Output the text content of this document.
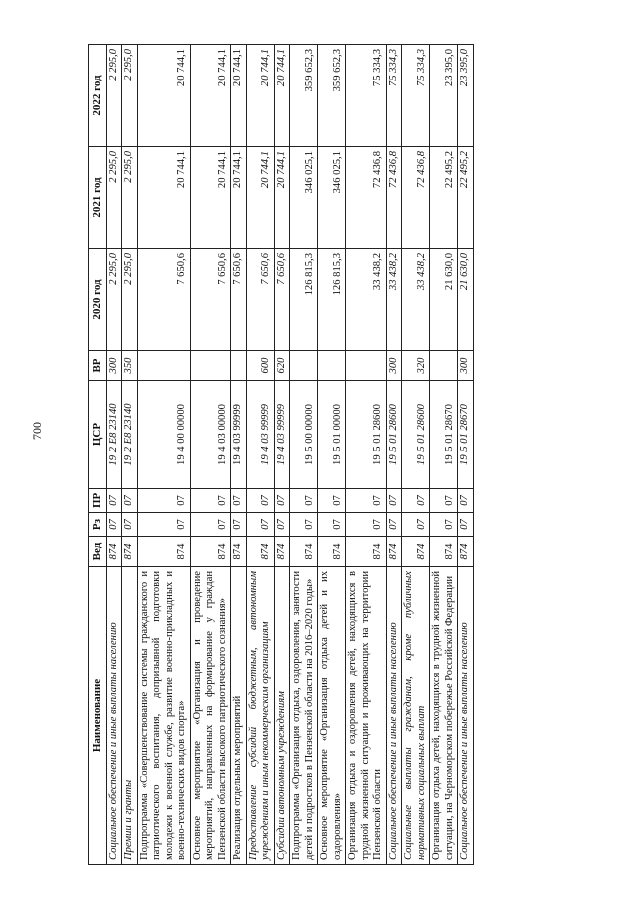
700
Наименование	Вед	Рз	ПР	ЦСР	ВР	2020 год	2021 год	2022 год
Социальное обеспечение и иные выплаты населению	874	07	07	19 2 E8 23140	300	2 295,0	2 295,0	2 295,0
Премии и гранты	874	07	07	19 2 E8 23140	350	2 295,0	2 295,0	2 295,0
Подпрограмма «Совершенствование системы гражданского и патриотического воспитания, допризывной подготовки молодежи к военной службе, развитие военно-прикладных и военно-технических видов спорта»	874	07	07	19 4 00 00000		7 650,6	20 744,1	20 744,1
Основное мероприятие «Организация и проведение мероприятий, направленных на формирование у граждан Пензенской области высокого патриотического сознания»	874	07	07	19 4 03 00000		7 650,6	20 744,1	20 744,1
Реализация отдельных мероприятий	874	07	07	19 4 03 99999		7 650,6	20 744,1	20 744,1
Предоставление субсидий бюджетным, автономным учреждениям и иным некоммерческим организациям	874	07	07	19 4 03 99999	600	7 650,6	20 744,1	20 744,1
Субсидии автономным учреждениям	874	07	07	19 4 03 99999	620	7 650,6	20 744,1	20 744,1
Подпрограмма «Организация отдыха, оздоровления, занятости детей и подростков в Пензенской области на 2016–2020 годы»	874	07	07	19 5 00 00000		126 815,3	346 025,1	359 652,3
Основное мероприятие «Организация отдыха детей и их оздоровления»	874	07	07	19 5 01 00000		126 815,3	346 025,1	359 652,3
Организация отдыха и оздоровления детей, находящихся в трудной жизненной ситуации и проживающих на территории Пензенской области	874	07	07	19 5 01 28600		33 438,2	72 436,8	75 334,3
Социальное обеспечение и иные выплаты населению	874	07	07	19 5 01 28600	300	33 438,2	72 436,8	75 334,3
Социальные выплаты гражданам, кроме публичных нормативных социальных выплат	874	07	07	19 5 01 28600	320	33 438,2	72 436,8	75 334,3
Организация отдыха детей, находящихся в трудной жизненной ситуации, на Черноморском побережье Российской Федерации	874	07	07	19 5 01 28670		21 630,0	22 495,2	23 395,0
Социальное обеспечение и иные выплаты населению	874	07	07	19 5 01 28670	300	21 630,0	22 495,2	23 395,0
